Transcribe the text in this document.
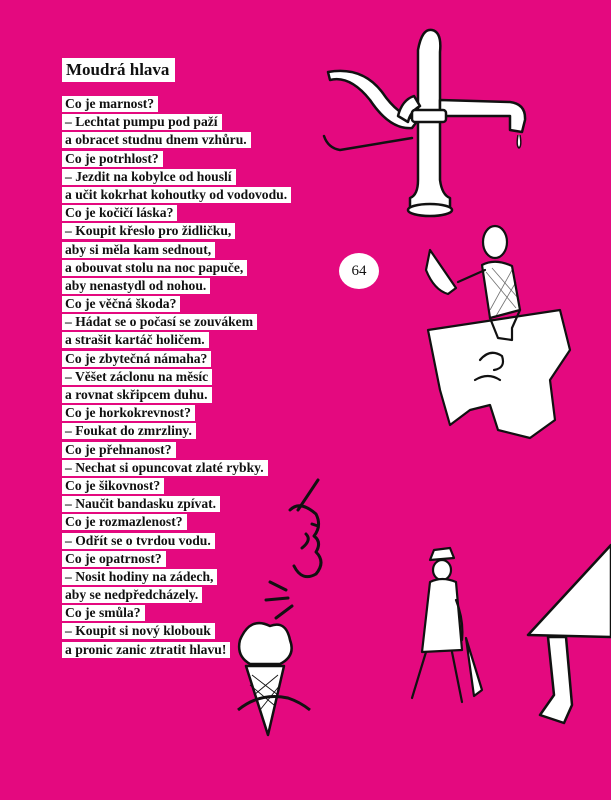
Moudrá hlava
Co je marnost?
– Lechtat pumpu pod paží
a obracet studnu dnem vzhůru.
Co je potrhlost?
– Jezdit na kobylce od houslí
a učit kokrhat kohoutky od vodovodu.
Co je kočičí láska?
– Koupit křeslo pro židličku,
aby si měla kam sednout,
a obouvat stolu na noc papuče,
aby nenastydl od nohou.
Co je věčná škoda?
– Hádat se o počasí se zouvákem
a strašit kartáč holičem.
Co je zbytečná námaha?
– Věšet záclonu na měsíc
a rovnat skřipcem duhu.
Co je horkokrevnost?
– Foukat do zmrzliny.
Co je přehnanost?
– Nechat si opuncovat zlaté rybky.
Co je šikovnost?
– Naučit bandasku zpívat.
Co je rozmazlenost?
– Odřít se o tvrdou vodu.
Co je opatrnost?
– Nosit hodiny na zádech,
aby se nedpředcházely.
Co je smůla?
– Koupit si nový klobouk
a pronic zanic ztratit hlavu!
64
